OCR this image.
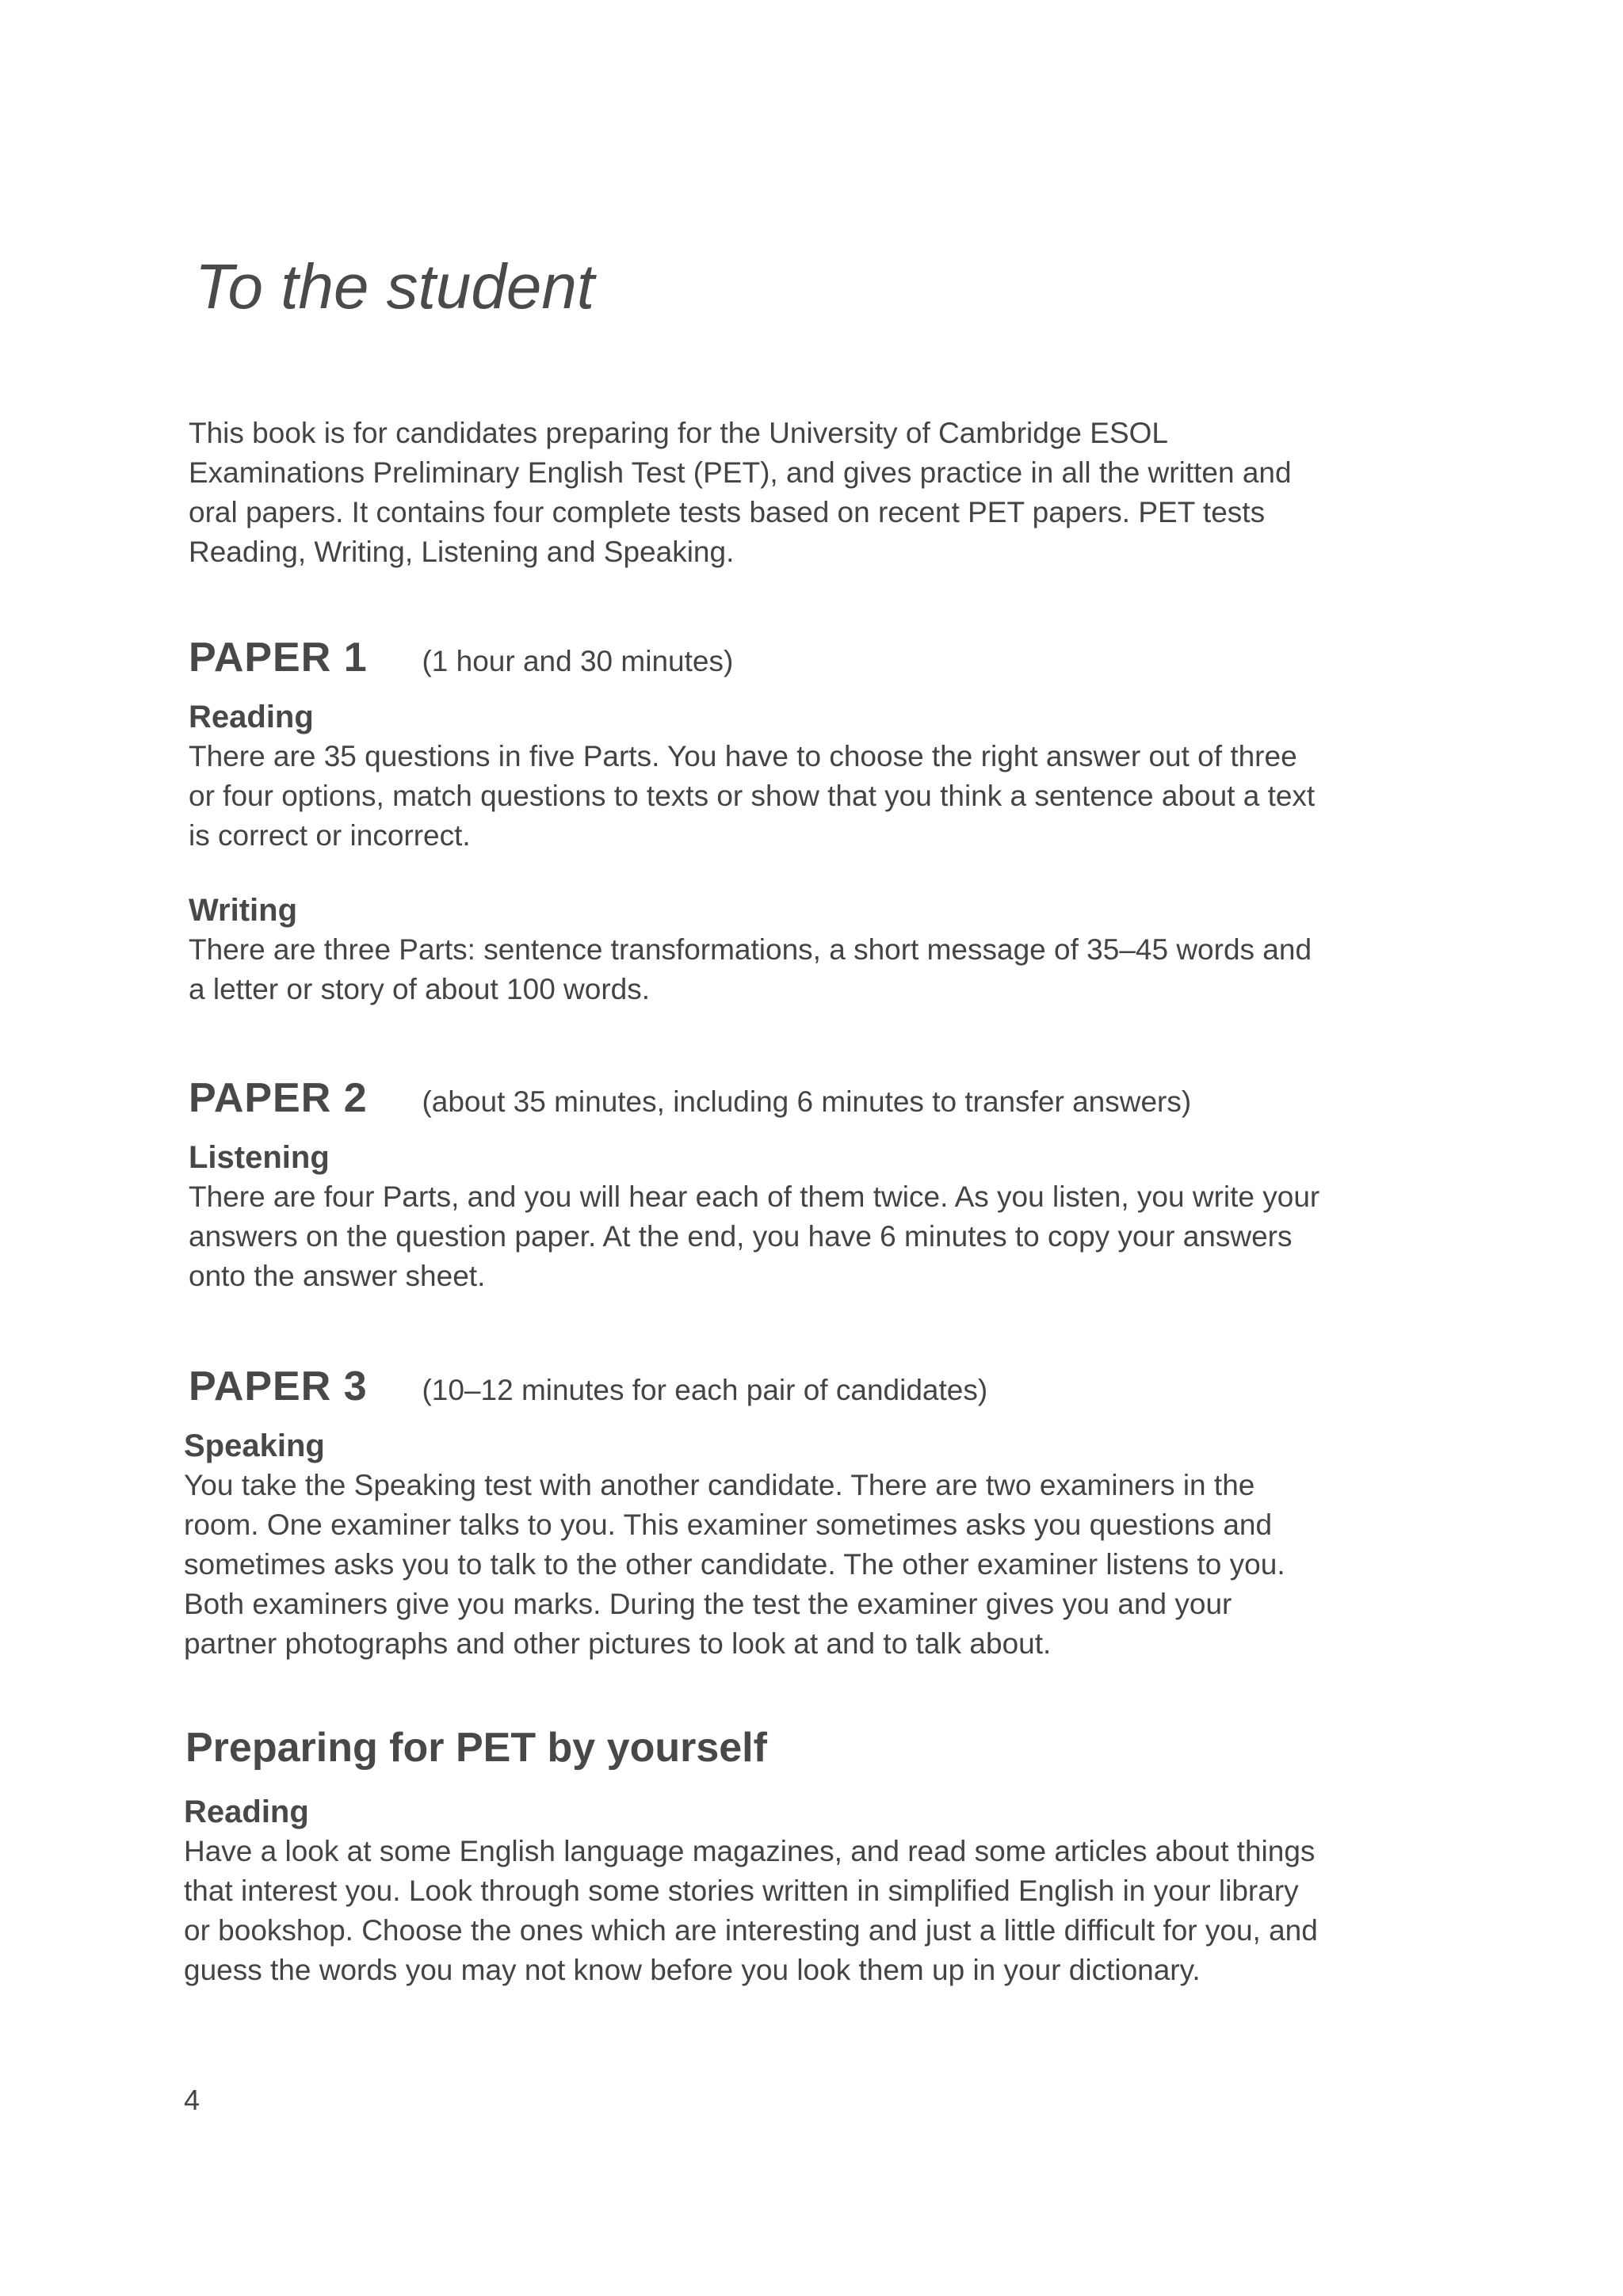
To the student

This book is for candidates preparing for the University of Cambridge ESOL Examinations Preliminary English Test (PET), and gives practice in all the written and oral papers. It contains four complete tests based on recent PET papers. PET tests Reading, Writing, Listening and Speaking.

PAPER 1 (1 hour and 30 minutes)
Reading

There are 35 questions in five Parts. You have to choose the right answer out of three or four options, match questions to texts or show that you think a sentence about a text is correct or incorrect.

Writing

There are three Parts: sentence transformations, a short message of 35–45 words and a letter or story of about 100 words.

PAPER 2 (about 35 minutes, including 6 minutes to transfer answers)
Listening

There are four Parts, and you will hear each of them twice. As you listen, you write your answers on the question paper. At the end, you have 6 minutes to copy your answers onto the answer sheet.

PAPER 3 (10–12 minutes for each pair of candidates)
Speaking

You take the Speaking test with another candidate. There are two examiners in the room. One examiner talks to you. This examiner sometimes asks you questions and sometimes asks you to talk to the other candidate. The other examiner listens to you. Both examiners give you marks. During the test the examiner gives you and your partner photographs and other pictures to look at and to talk about.

Preparing for PET by yourself
Reading

Have a look at some English language magazines, and read some articles about things that interest you. Look through some stories written in simplified English in your library or bookshop. Choose the ones which are interesting and just a little difficult for you, and guess the words you may not know before you look them up in your dictionary.

4
